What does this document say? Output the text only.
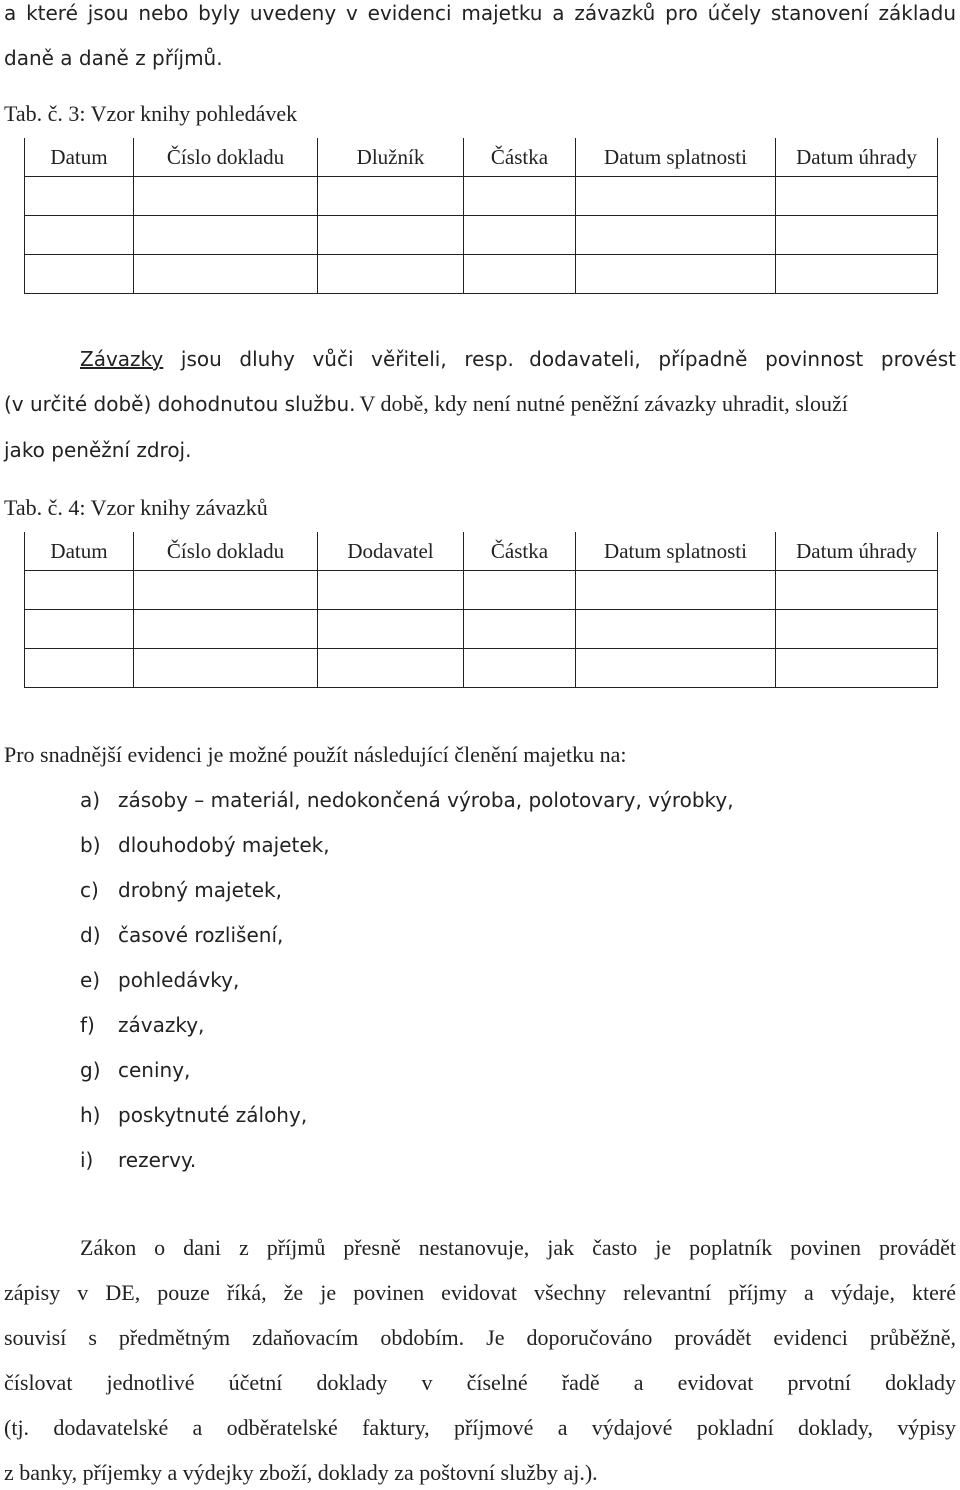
a které jsou nebo byly uvedeny v evidenci majetku a závazků pro účely stanovení základu
daně a daně z příjmů.
Tab. č. 3: Vzor knihy pohledávek
Datum	Číslo dokladu	Dlužník	Částka	Datum splatnosti	Datum úhrady

Závazky jsou dluhy vůči věřiteli, resp. dodavateli, případně povinnost provést
(v určité době) dohodnutou službu. V době, kdy není nutné peněžní závazky uhradit, slouží
jako peněžní zdroj.
Tab. č. 4: Vzor knihy závazků
Datum	Číslo dokladu	Dodavatel	Částka	Datum splatnosti	Datum úhrady

Pro snadnější evidenci je možné použít následující členění majetku na:
a) zásoby – materiál, nedokončená výroba, polotovary, výrobky,
b) dlouhodobý majetek,
c) drobný majetek,
d) časové rozlišení,
e) pohledávky,
f) závazky,
g) ceniny,
h) poskytnuté zálohy,
i) rezervy.
Zákon o dani z příjmů přesně nestanovuje, jak často je poplatník povinen provádět
zápisy v DE, pouze říká, že je povinen evidovat všechny relevantní příjmy a výdaje, které
souvisí s předmětným zdaňovacím obdobím. Je doporučováno provádět evidenci průběžně,
číslovat jednotlivé účetní doklady v číselné řadě a evidovat prvotní doklady
(tj. dodavatelské a odběratelské faktury, příjmové a výdajové pokladní doklady, výpisy
z banky, příjemky a výdejky zboží, doklady za poštovní služby aj.).
